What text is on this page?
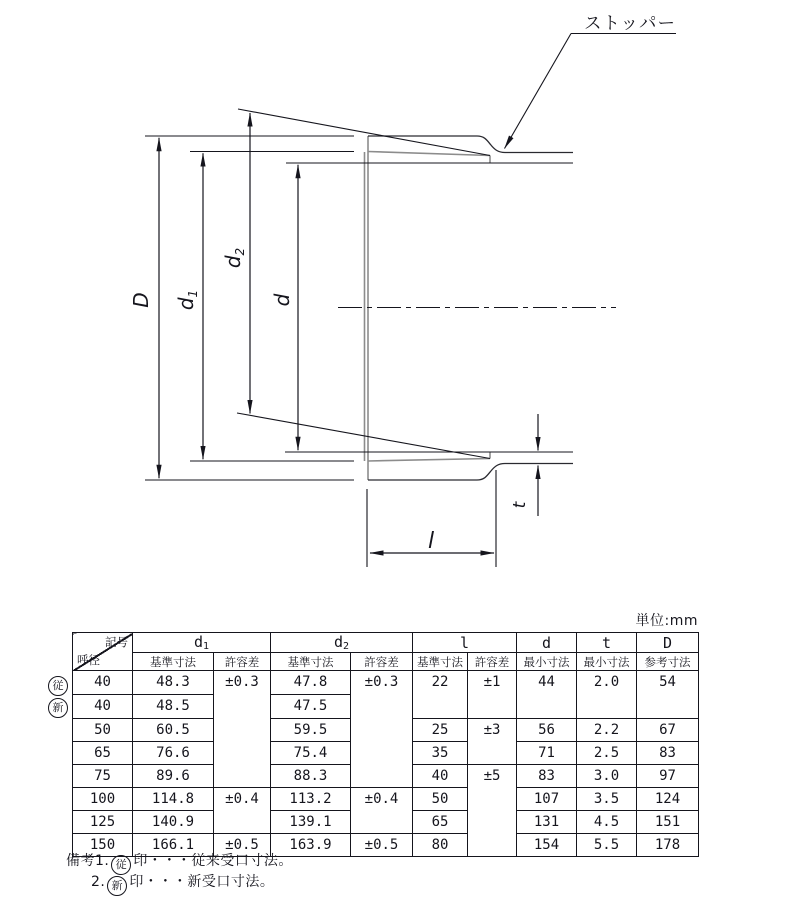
ストッパー
D $d_1$
$d_2$
d
l
t
単位:mm
記号
呼径	d1		d2		l		d	t	D
	基準寸法	許容差	基準寸法	許容差	基準寸法	許容差	最小寸法	最小寸法	参考寸法
40	48.3	±0.3	47.8	±0.3	22	±1	44	2.0	54
40	48.5		47.5						
50	60.5		59.5		25	±3	56	2.2	67
65	76.6		75.4		35		71	2.5	83
75	89.6		88.3		40	±5	83	3.0	97
100	114.8	±0.4	113.2	±0.4	50		107	3.5	124
125	140.9		139.1		65		131	4.5	151
150	166.1	±0.5	163.9	±0.5	80		154	5.5	178
従
新
備考1. 従 印・・・従来受口寸法。
2. 新 印・・・新受口寸法。
